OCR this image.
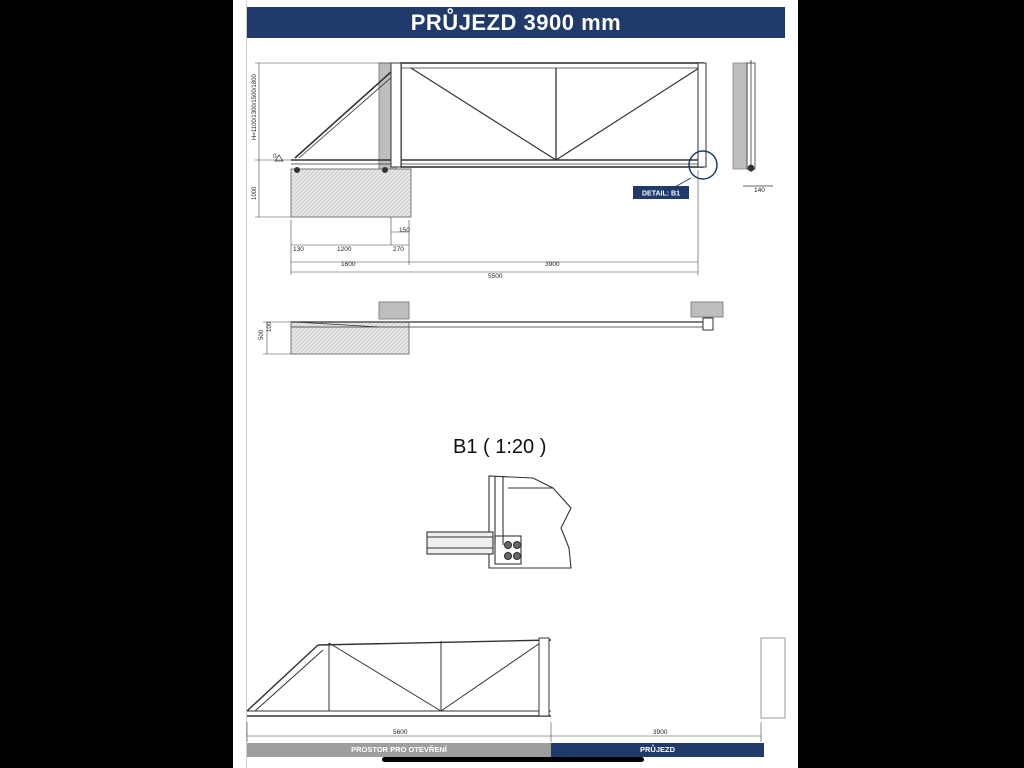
PRŮJEZD 3900 mm
DETAIL: B1
0
H=1100/1300/1500/1800
1000
150
130	1200	270
1600	3900
5500
140
500
100
5600	3900
B1 ( 1:20 )
PROSTOR PRO OTEVŘENÍ	PRŮJEZD
